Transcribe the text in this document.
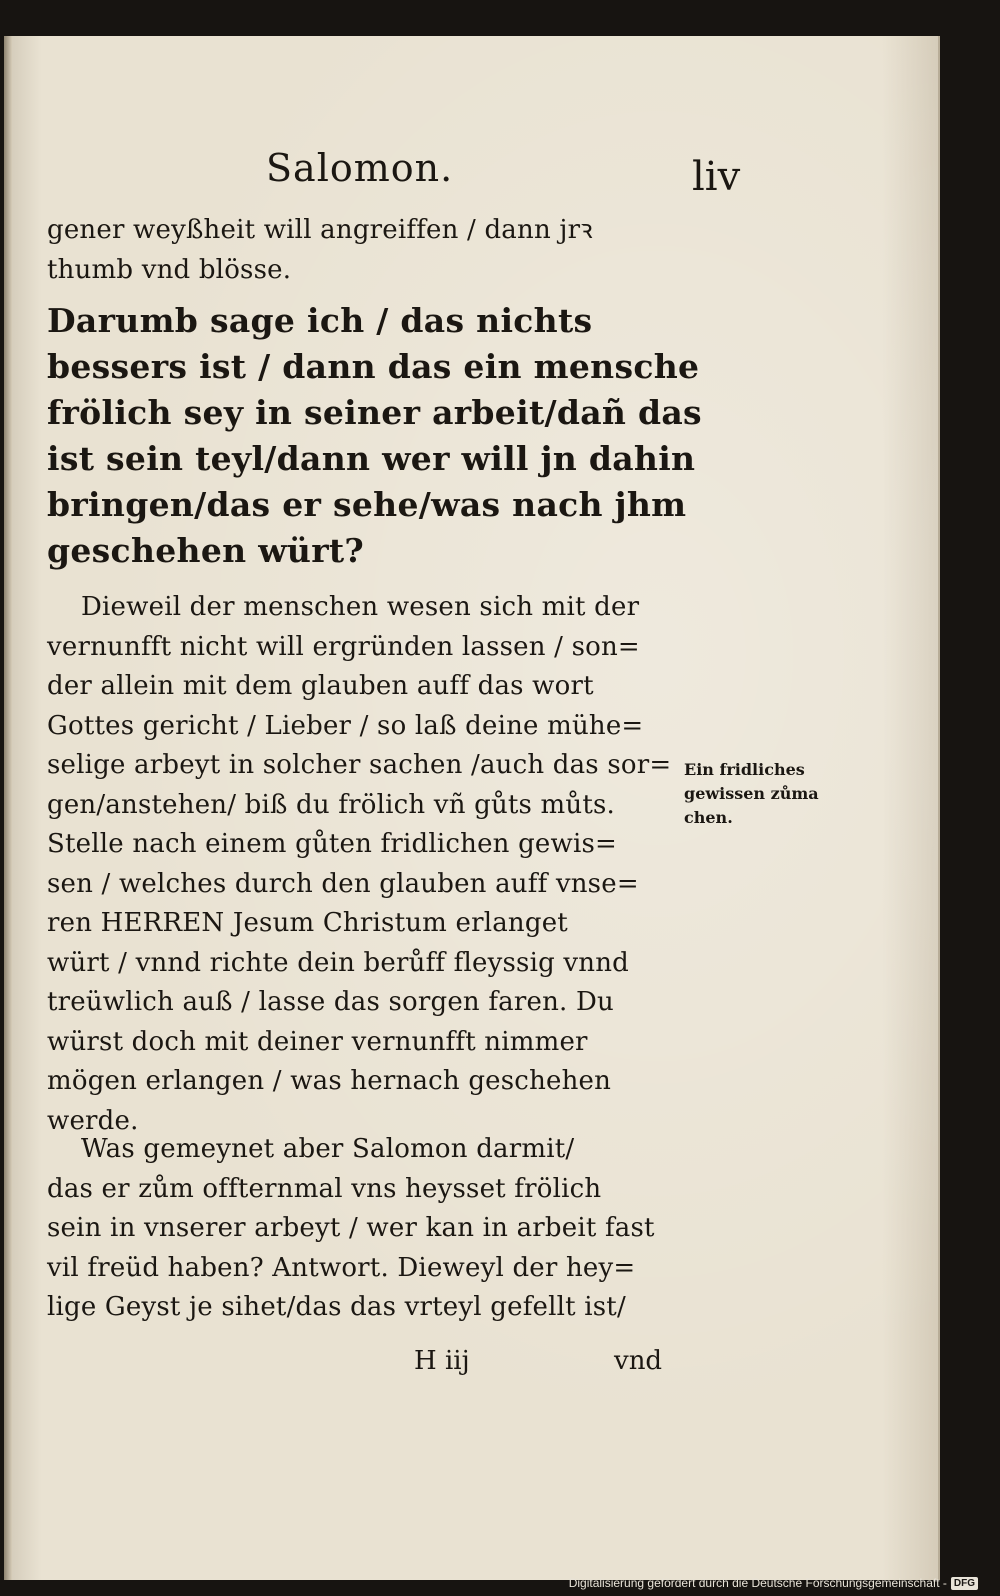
Salomon.	liv
gener weyßheit will angreiffen / dann jrꝛ
thumb vnd blösse.
Darumb sage ich / das nichts
bessers ist / dann das ein mensche
frölich sey in seiner arbeit/dañ das
ist sein teyl/dann wer will jn dahin
bringen/das er sehe/was nach jhm
geschehen würt?
Dieweil der menschen wesen sich mit der
vernunfft nicht will ergründen lassen / son=
der allein mit dem glauben auff das wort
Gottes gericht / Lieber / so laß deine mühe=
selige arbeyt in solcher sachen /auch das sor=
gen/anstehen/ biß du frölich vñ gůts můts.
Stelle nach einem gůten fridlichen gewis=
sen / welches durch den glauben auff vnse=
ren HERREN Jesum Christum erlanget
würt / vnnd richte dein berůff fleyssig vnnd
treüwlich auß / lasse das sorgen faren. Du
würst doch mit deiner vernunfft nimmer
mögen erlangen / was hernach geschehen
werde.
Was gemeynet aber Salomon darmit/
das er zům offternmal vns heysset frölich
sein in vnserer arbeyt / wer kan in arbeit fast
vil freüd haben? Antwort. Dieweyl der hey=
lige Geyst je sihet/das das vrteyl gefellt ist/
H iij	vnd
Ein fridliches
gewissen zůma
chen.
Digitalisierung gefördert durch die Deutsche Forschungsgemeinschaft - DFG
